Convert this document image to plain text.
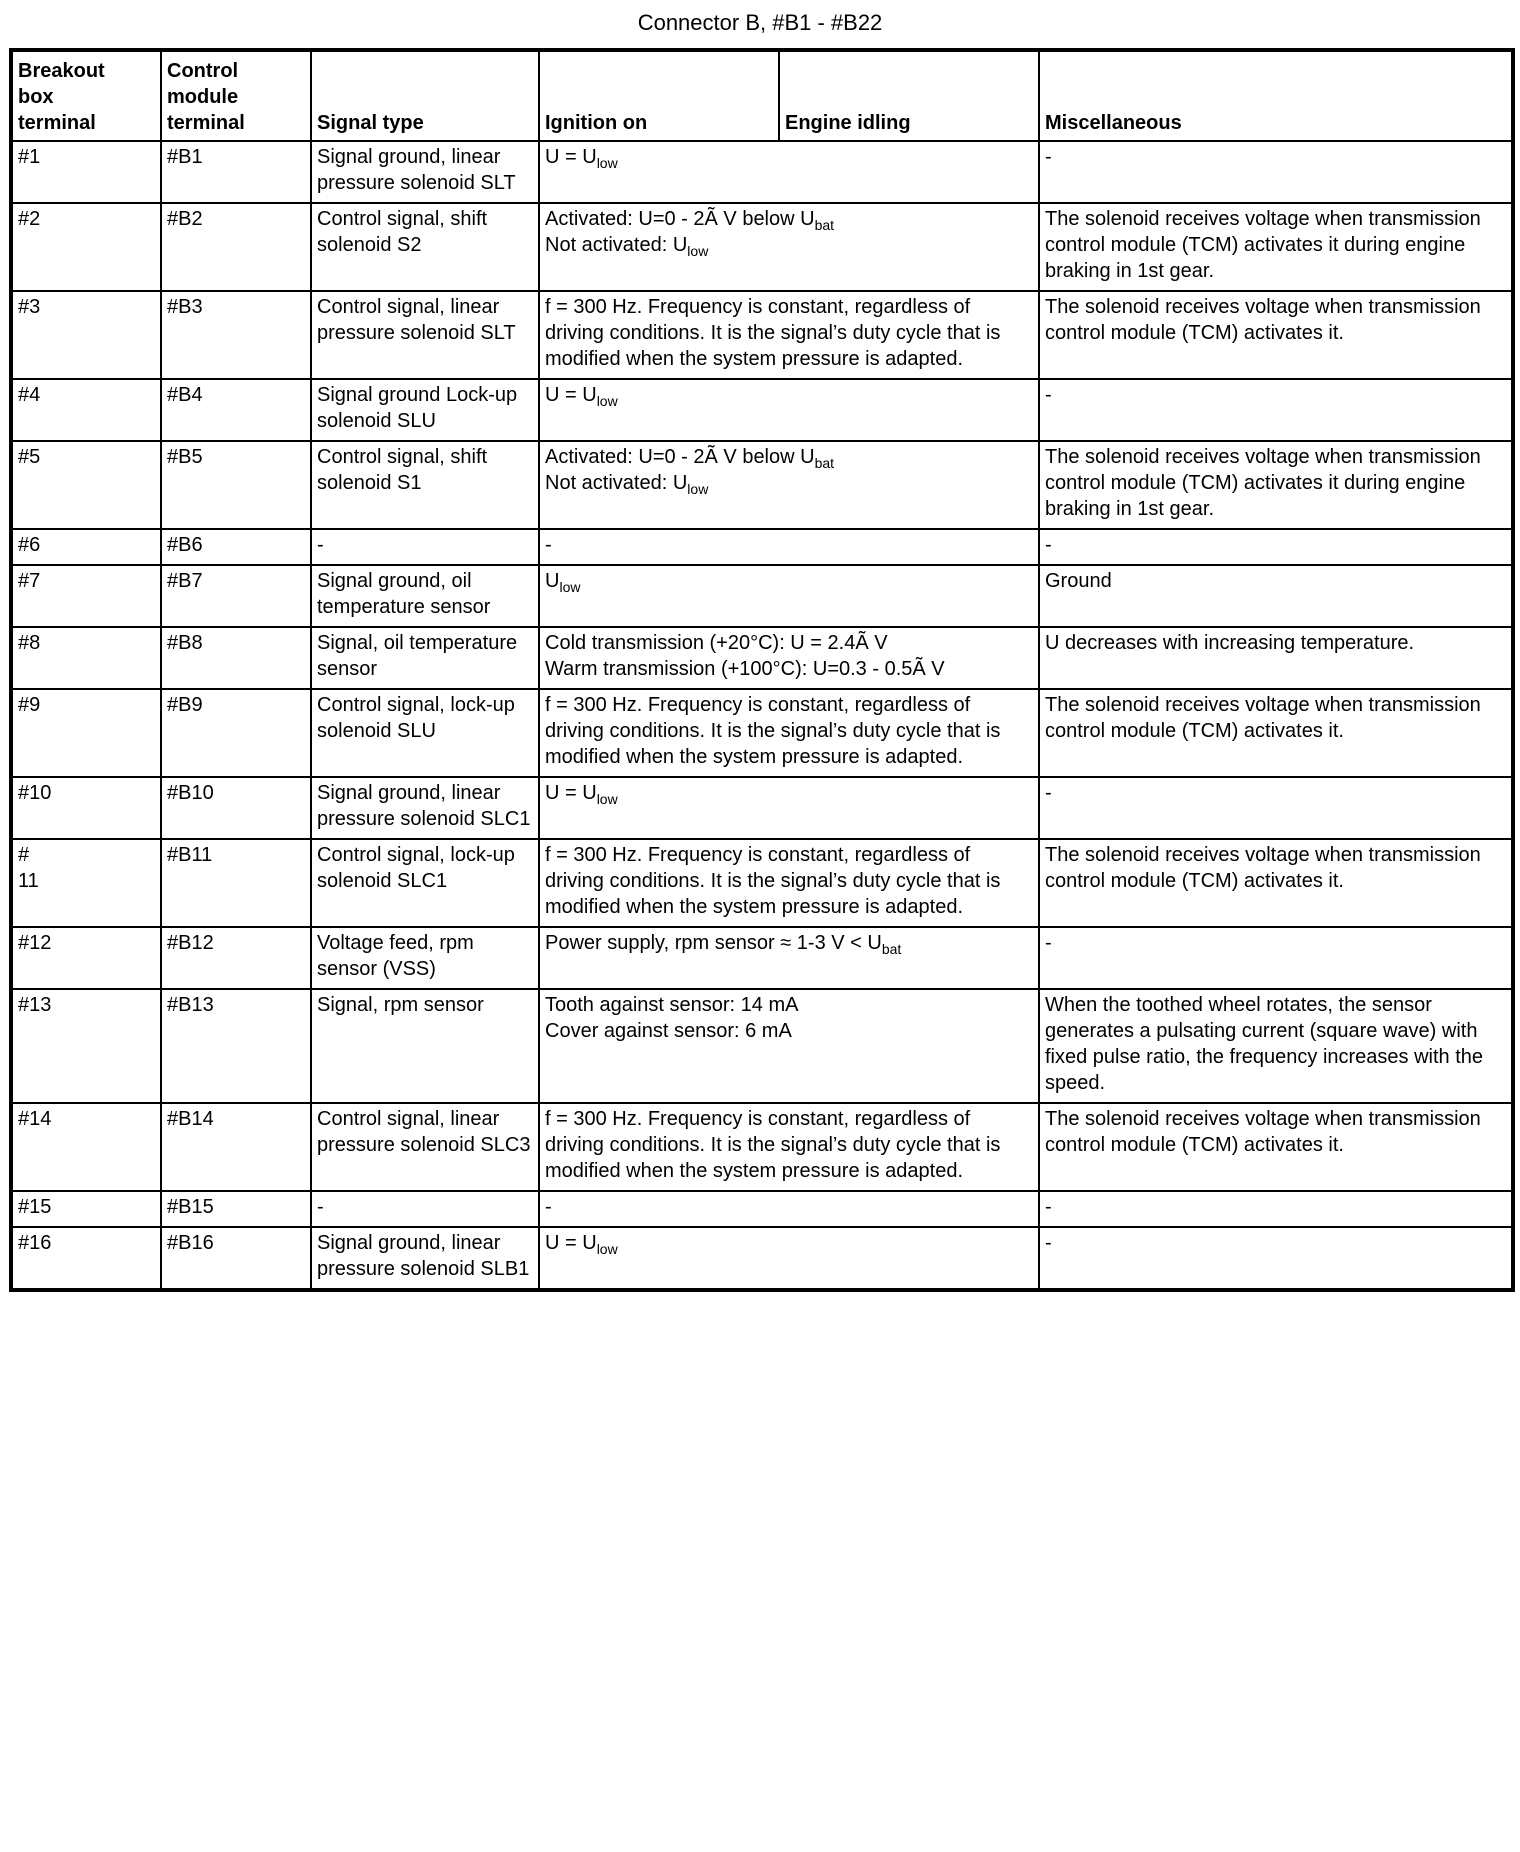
Connector B, #B1 - #B22
Breakout
box
terminal	Control
module
terminal	Signal type	Ignition on	Engine idling	Miscellaneous
#1	#B1	Signal ground, linear pressure solenoid SLT	$U = U_{low}$		-
#2	#B2	Control signal, shift solenoid S2	Activated: U=0 - 2Ã V below $U_{bat}$
Not activated: $U_{low}$		The solenoid receives voltage when transmission control module (TCM) activates it during engine braking in 1st gear.
#3	#B3	Control signal, linear pressure solenoid SLT	f = 300 Hz. Frequency is constant, regardless of driving conditions. It is the signal’s duty cycle that is modified when the system pressure is adapted.		The solenoid receives voltage when transmission control module (TCM) activates it.
#4	#B4	Signal ground Lock-up solenoid SLU	$U = U_{low}$		-
#5	#B5	Control signal, shift solenoid S1	Activated: U=0 - 2Ã V below $U_{bat}$
Not activated: $U_{low}$		The solenoid receives voltage when transmission control module (TCM) activates it during engine braking in 1st gear.
#6	#B6	-	-		-
#7	#B7	Signal ground, oil temperature sensor	$U_{low}$		Ground
#8	#B8	Signal, oil temperature sensor	Cold transmission (+20°C): U = 2.4Ã V
Warm transmission (+100°C): U=0.3 - 0.5Ã V		U decreases with increasing temperature.
#9	#B9	Control signal, lock-up solenoid SLU	f = 300 Hz. Frequency is constant, regardless of driving conditions. It is the signal’s duty cycle that is modified when the system pressure is adapted.		The solenoid receives voltage when transmission control module (TCM) activates it.
#10	#B10	Signal ground, linear pressure solenoid SLC1	$U = U_{low}$		-
#
11	#B11	Control signal, lock-up solenoid SLC1	f = 300 Hz. Frequency is constant, regardless of driving conditions. It is the signal’s duty cycle that is modified when the system pressure is adapted.		The solenoid receives voltage when transmission control module (TCM) activates it.
#12	#B12	Voltage feed, rpm sensor (VSS)	Power supply, rpm sensor ≈ 1-3 $V < U_{bat}$		-
#13	#B13	Signal, rpm sensor	Tooth against sensor: 14 mA
Cover against sensor: 6 mA		When the toothed wheel rotates, the sensor generates a pulsating current (square wave) with fixed pulse ratio, the frequency increases with the speed.
#14	#B14	Control signal, linear pressure solenoid SLC3	f = 300 Hz. Frequency is constant, regardless of driving conditions. It is the signal’s duty cycle that is modified when the system pressure is adapted.		The solenoid receives voltage when transmission control module (TCM) activates it.
#15	#B15	-	-		-
#16	#B16	Signal ground, linear pressure solenoid SLB1	$U = U_{low}$		-
